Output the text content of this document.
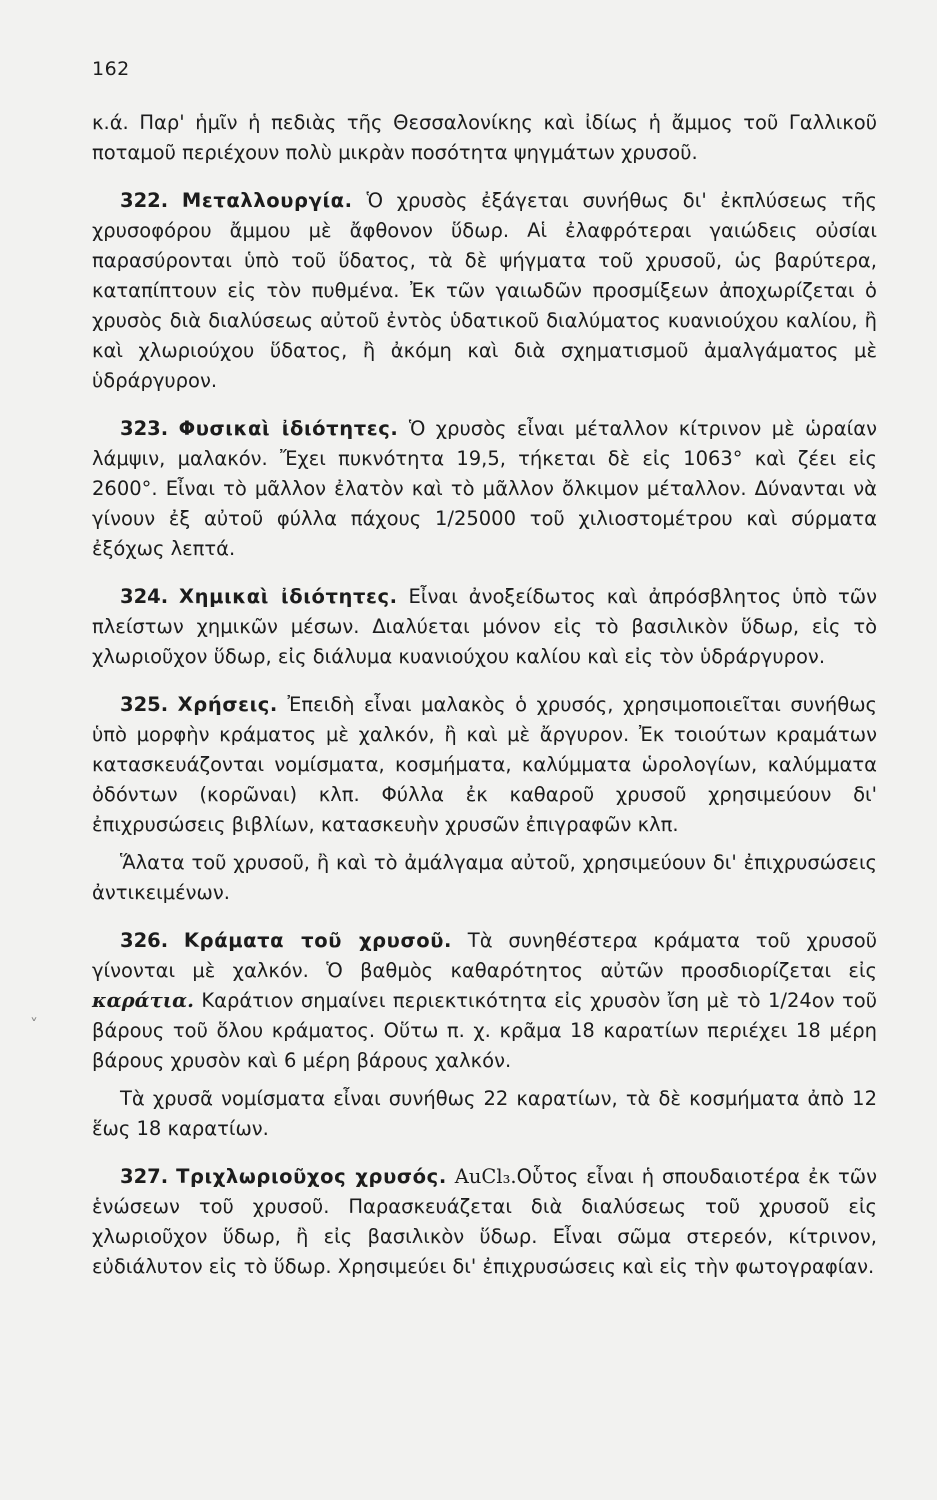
162

κ.ά. Παρ' ἡμῖν ἡ πεδιὰς τῆς Θεσσαλονίκης καὶ ἰδίως ἡ ἄμμος τοῦ Γαλλικοῦ ποταμοῦ περιέχουν πολὺ μικρὰν ποσότητα ψηγμάτων χρυσοῦ.

322. Μεταλλουργία. Ὁ χρυσὸς ἐξάγεται συνήθως δι' ἐκπλύσεως τῆς χρυσοφόρου ἄμμου μὲ ἄφθονον ὕδωρ. Αἱ ἐλαφρότεραι γαιώδεις οὐσίαι παρασύρονται ὑπὸ τοῦ ὕδατος, τὰ δὲ ψήγματα τοῦ χρυσοῦ, ὡς βαρύτερα, καταπίπτουν εἰς τὸν πυθμένα. Ἐκ τῶν γαιωδῶν προσμίξεων ἀποχωρίζεται ὁ χρυσὸς διὰ διαλύσεως αὐτοῦ ἐντὸς ὑδατικοῦ διαλύματος κυανιούχου καλίου, ἢ καὶ χλωριούχου ὕδατος, ἢ ἀκόμη καὶ διὰ σχηματισμοῦ ἀμαλγάματος μὲ ὑδράργυρον.

323. Φυσικαὶ ἰδιότητες. Ὁ χρυσὸς εἶναι μέταλλον κίτρινον μὲ ὡραίαν λάμψιν, μαλακόν. Ἔχει πυκνότητα 19,5, τήκεται δὲ εἰς 1063° καὶ ζέει εἰς 2600°. Εἶναι τὸ μᾶλλον ἐλατὸν καὶ τὸ μᾶλλον ὄλκιμον μέταλλον. Δύνανται νὰ γίνουν ἐξ αὐτοῦ φύλλα πάχους 1/25000 τοῦ χιλιοστομέτρου καὶ σύρματα ἐξόχως λεπτά.

324. Χημικαὶ ἰδιότητες. Εἶναι ἀνοξείδωτος καὶ ἀπρόσβλητος ὑπὸ τῶν πλείστων χημικῶν μέσων. Διαλύεται μόνον εἰς τὸ βασιλικὸν ὕδωρ, εἰς τὸ χλωριοῦχον ὕδωρ, εἰς διάλυμα κυανιούχου καλίου καὶ εἰς τὸν ὑδράργυρον.

325. Χρήσεις. Ἐπειδὴ εἶναι μαλακὸς ὁ χρυσός, χρησιμοποιεῖται συνήθως ὑπὸ μορφὴν κράματος μὲ χαλκόν, ἢ καὶ μὲ ἄργυρον. Ἐκ τοιούτων κραμάτων κατασκευάζονται νομίσματα, κοσμήματα, καλύμματα ὡρολογίων, καλύμματα ὀδόντων (κορῶναι) κλπ. Φύλλα ἐκ καθαροῦ χρυσοῦ χρησιμεύουν δι' ἐπιχρυσώσεις βιβλίων, κατασκευὴν χρυσῶν ἐπιγραφῶν κλπ.

Ἅλατα τοῦ χρυσοῦ, ἢ καὶ τὸ ἀμάλγαμα αὐτοῦ, χρησιμεύουν δι' ἐπιχρυσώσεις ἀντικειμένων.

326. Κράματα τοῦ χρυσοῦ. Τὰ συνηθέστερα κράματα τοῦ χρυσοῦ γίνονται μὲ χαλκόν. Ὁ βαθμὸς καθαρότητος αὐτῶν προσδιορίζεται εἰς καράτια. Καράτιον σημαίνει περιεκτικότητα εἰς χρυσὸν ἴση μὲ τὸ 1/24ον τοῦ βάρους τοῦ ὅλου κράματος. Οὕτω π. χ. κρᾶμα 18 καρατίων περιέχει 18 μέρη βάρους χρυσὸν καὶ 6 μέρη βάρους χαλκόν.

Τὰ χρυσᾶ νομίσματα εἶναι συνήθως 22 καρατίων, τὰ δὲ κοσμήματα ἀπὸ 12 ἕως 18 καρατίων.

327. Τριχλωριοῦχος χρυσός. AuCl₃.Οὗτος εἶναι ἡ σπουδαιοτέρα ἐκ τῶν ἑνώσεων τοῦ χρυσοῦ. Παρασκευάζεται διὰ διαλύσεως τοῦ χρυσοῦ εἰς χλωριοῦχον ὕδωρ, ἢ εἰς βασιλικὸν ὕδωρ. Εἶναι σῶμα στερεόν, κίτρινον, εὐδιάλυτον εἰς τὸ ὕδωρ. Χρησιμεύει δι' ἐπιχρυσώσεις καὶ εἰς τὴν φωτογραφίαν.

˅
